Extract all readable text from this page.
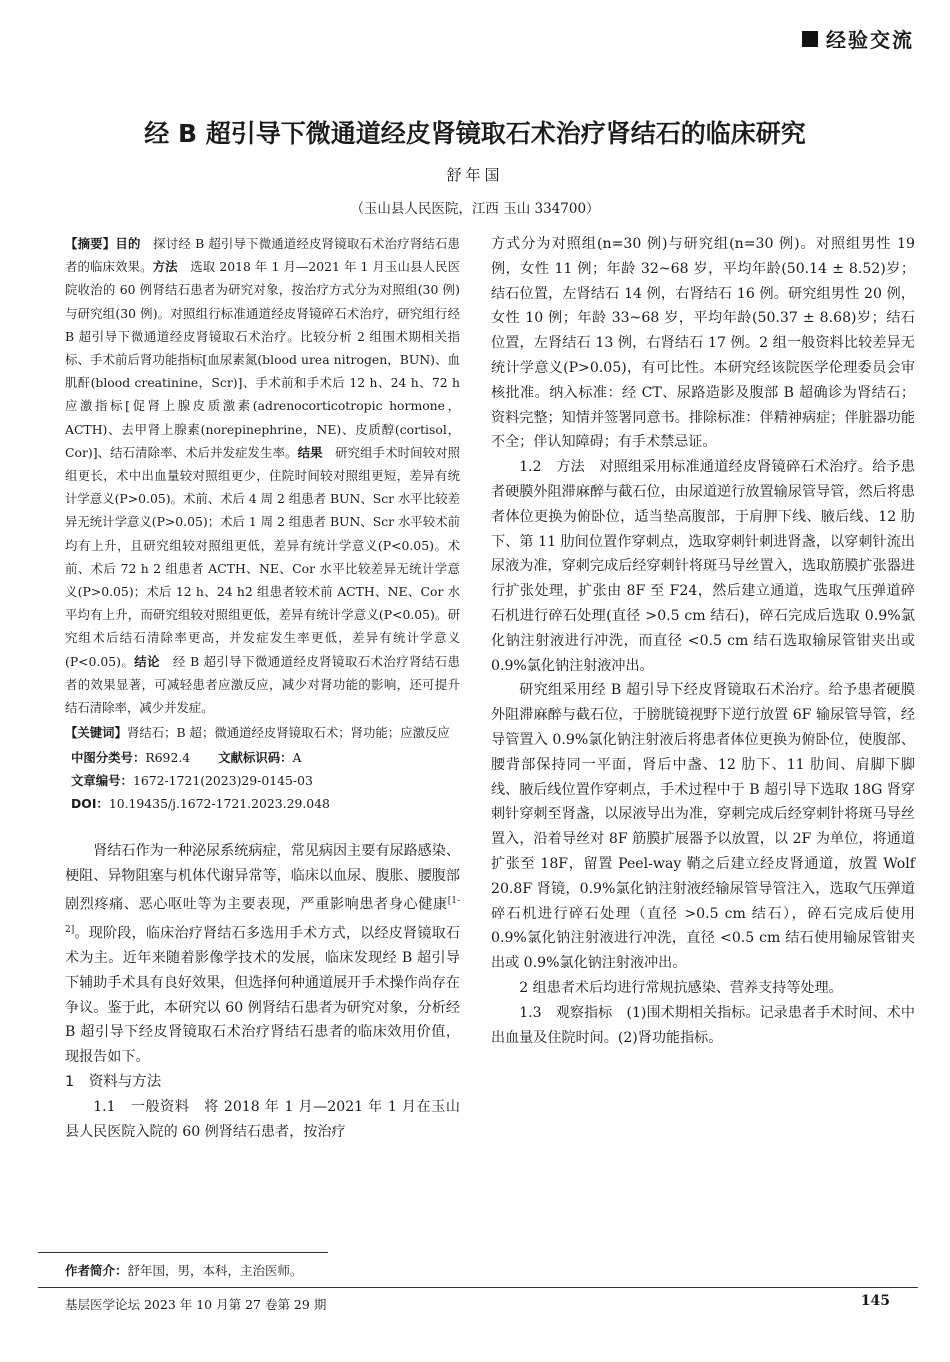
经验交流
经 B 超引导下微通道经皮肾镜取石术治疗肾结石的临床研究
舒年国
（玉山县人民医院，江西 玉山 334700）
【摘要】目的　 探讨经 B 超引导下微通道经皮肾镜取石术治疗肾结石患者的临床效果。方法　 选取 2018 年 1 月—2021 年 1 月玉山县人民医院收治的 60 例肾结石患者为研究对象，按治疗方式分为对照组(30 例)与研究组(30 例)。对照组行标准通道经皮肾镜碎石术治疗，研究组行经 B 超引导下微通道经皮肾镜取石术治疗。比较分析 2 组围术期相关指标、手术前后肾功能指标[血尿素氮(blood urea nitrogen，BUN)、血肌酐(blood creatinine，Scr)]、手术前和手术后 12 h、24 h、72 h 应激指标[促肾上腺皮质激素(adrenocorticotropic hormone，ACTH)、去甲肾上腺素(norepinephrine，NE)、皮质醇(cortisol，Cor)]、结石清除率、术后并发症发生率。结果　 研究组手术时间较对照组更长，术中出血量较对照组更少，住院时间较对照组更短，差异有统计学意义(P>0.05)。术前、术后 4 周 2 组患者 BUN、Scr 水平比较差异无统计学意义(P>0.05)；术后 1 周 2 组患者 BUN、Scr 水平较术前均有上升，且研究组较对照组更低，差异有统计学意义(P<0.05)。术前、术后 72 h 2 组患者 ACTH、NE、Cor 水平比较差异无统计学意义(P>0.05)；术后 12 h、24 h2 组患者较术前 ACTH、NE、Cor 水平均有上升，而研究组较对照组更低，差异有统计学意义(P<0.05)。研究组术后结石清除率更高，并发症发生率更低，差异有统计学意义(P<0.05)。结论　 经 B 超引导下微通道经皮肾镜取石术治疗肾结石患者的效果显著，可减轻患者应激反应，减少对肾功能的影响，还可提升结石清除率，减少并发症。
【关键词】肾结石；B 超；微通道经皮肾镜取石术；肾功能；应激反应
中图分类号：R692.4 文献标识码：A
文章编号：1672-1721(2023)29-0145-03
DOI：10.19435/j.1672-1721.2023.29.048

肾结石作为一种泌尿系统病症，常见病因主要有尿路感染、梗阻、异物阻塞与机体代谢异常等，临床以血尿、腹胀、腰腹部剧烈疼痛、恶心呕吐等为主要表现，严重影响患者身心健康[1-2]。现阶段，临床治疗肾结石多选用手术方式，以经皮肾镜取石术为主。近年来随着影像学技术的发展，临床发现经 B 超引导下辅助手术具有良好效果，但选择何种通道展开手术操作尚存在争议。鉴于此，本研究以 60 例肾结石患者为研究对象，分析经 B 超引导下经皮肾镜取石术治疗肾结石患者的临床效用价值，现报告如下。

1　资料与方法

1.1　一般资料　将 2018 年 1 月—2021 年 1 月在玉山县人民医院入院的 60 例肾结石患者，按治疗

方式分为对照组(n=30 例)与研究组(n=30 例)。对照组男性 19 例，女性 11 例；年龄 32~68 岁，平均年龄(50.14 ± 8.52)岁；结石位置，左肾结石 14 例，右肾结石 16 例。研究组男性 20 例，女性 10 例；年龄 33~68 岁，平均年龄(50.37 ± 8.68)岁；结石位置，左肾结石 13 例，右肾结石 17 例。2 组一般资料比较差异无统计学意义(P>0.05)，有可比性。本研究经该院医学伦理委员会审核批准。纳入标准：经 CT、尿路造影及腹部 B 超确诊为肾结石；资料完整；知情并签署同意书。排除标准：伴精神病症；伴脏器功能不全；伴认知障碍；有手术禁忌证。

1.2　方法　对照组采用标准通道经皮肾镜碎石术治疗。给予患者硬膜外阻滞麻醉与截石位，由尿道逆行放置输尿管导管，然后将患者体位更换为俯卧位，适当垫高腹部，于肩胛下线、腋后线、12 肋下、第 11 肋间位置作穿刺点，选取穿刺针刺进肾盏，以穿刺针流出尿液为准，穿刺完成后经穿刺针将斑马导丝置入，选取筋膜扩张器进行扩张处理，扩张由 8F 至 F24，然后建立通道，选取气压弹道碎石机进行碎石处理(直径 >0.5 cm 结石)，碎石完成后选取 0.9%氯化钠注射液进行冲洗，而直径 <0.5 cm 结石选取输尿管钳夹出或 0.9%氯化钠注射液冲出。

研究组采用经 B 超引导下经皮肾镜取石术治疗。给予患者硬膜外阻滞麻醉与截石位，于膀胱镜视野下逆行放置 6F 输尿管导管，经导管置入 0.9%氯化钠注射液后将患者体位更换为俯卧位，使腹部、腰背部保持同一平面，肾后中盏、12 肋下、11 肋间、肩脚下脚线、腋后线位置作穿刺点，手术过程中于 B 超引导下选取 18G 肾穿刺针穿刺至肾盏，以尿液导出为准，穿刺完成后经穿刺针将斑马导丝置入，沿着导丝对 8F 筋膜扩展器予以放置，以 2F 为单位，将通道扩张至 18F，留置 Peel-way 鞘之后建立经皮肾通道，放置 Wolf 20.8F 肾镜，0.9%氯化钠注射液经输尿管导管注入，选取气压弹道碎石机进行碎石处理（直径 >0.5 cm 结石），碎石完成后使用 0.9%氯化钠注射液进行冲洗，直径 <0.5 cm 结石使用输尿管钳夹出或 0.9%氯化钠注射液冲出。

2 组患者术后均进行常规抗感染、营养支持等处理。

1.3　观察指标　(1)围术期相关指标。记录患者手术时间、术中出血量及住院时间。(2)肾功能指标。

作者简介：舒年国，男，本科，主治医师。
基层医学论坛 2023 年 10 月第 27 卷第 29 期	145
